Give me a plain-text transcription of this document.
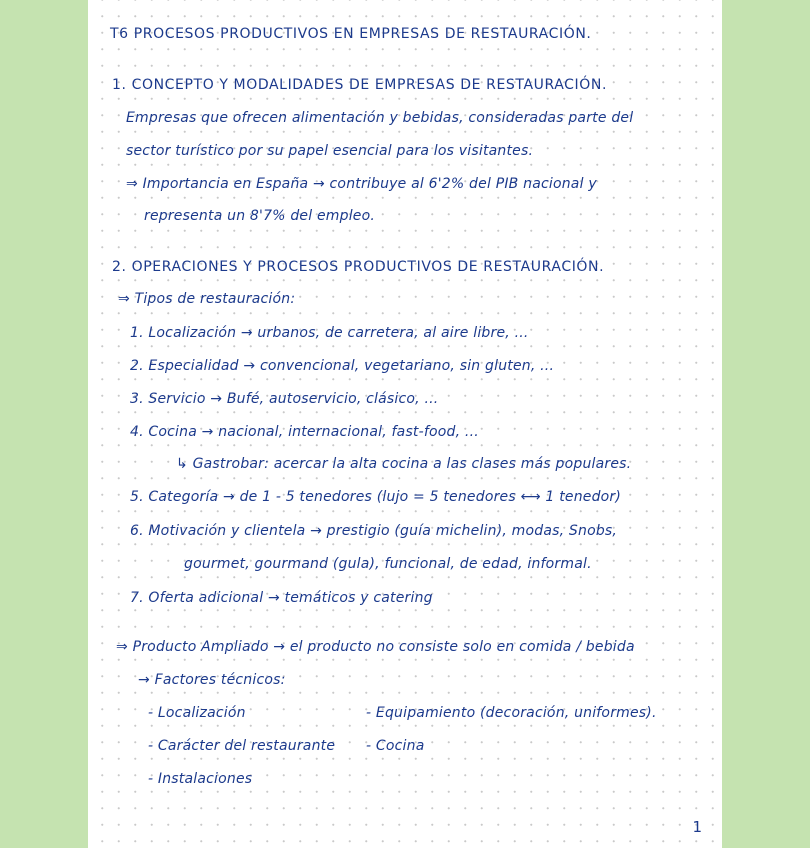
T6 PROCESOS PRODUCTIVOS EN EMPRESAS DE RESTAURACIÓN.
1. CONCEPTO Y MODALIDADES DE EMPRESAS DE RESTAURACIÓN.
Empresas que ofrecen alimentación y bebidas, consideradas parte del
sector turístico por su papel esencial para los visitantes.
⇒ Importancia en España → contribuye al 6'2% del PIB nacional y
representa un 8'7% del empleo.
2. OPERACIONES Y PROCESOS PRODUCTIVOS DE RESTAURACIÓN.
⇒ Tipos de restauración:
1. Localización → urbanos, de carretera, al aire libre, ...
2. Especialidad → convencional, vegetariano, sin gluten, ...
3. Servicio → Bufé, autoservicio, clásico, ...
4. Cocina → nacional, internacional, fast-food, ...
↳ Gastrobar: acercar la alta cocina a las clases más populares.
5. Categoría → de 1 - 5 tenedores (lujo = 5 tenedores ⟷ 1 tenedor)
6. Motivación y clientela → prestigio (guía michelin), modas, Snobs,
gourmet, gourmand (gula), funcional, de edad, informal.
7. Oferta adicional → temáticos y catering
⇒ Producto Ampliado → el producto no consiste solo en comida / bebida
→ Factores técnicos:
- Localización
- Carácter del restaurante
- Instalaciones
- Equipamiento (decoración, uniformes).
- Cocina
1
